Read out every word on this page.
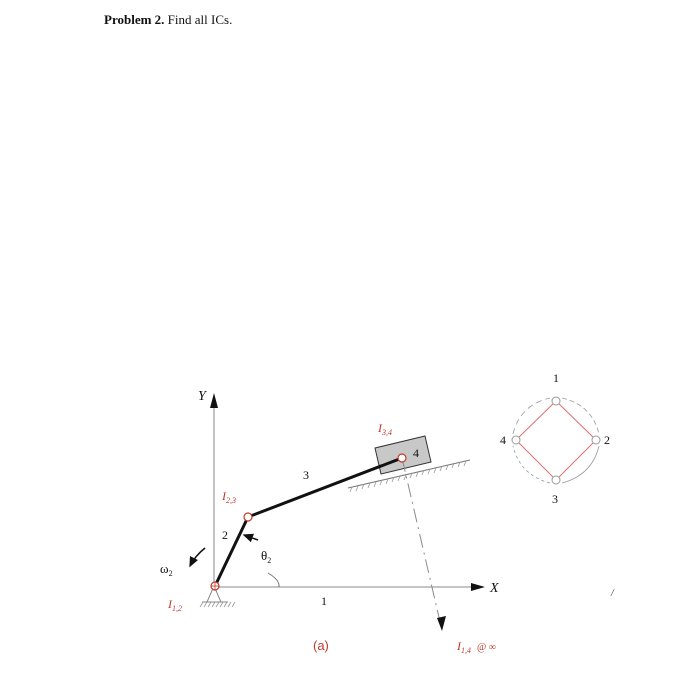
Problem 2. Find all ICs.
Y
X
4
2
3
$\theta_2$
$\omega_2$
1
$I_{1,2}$
$I_{2,3}$
$I_{3,4}$
$I_{1,4}$ @ ∞
(a)
1
2
3
4
/
